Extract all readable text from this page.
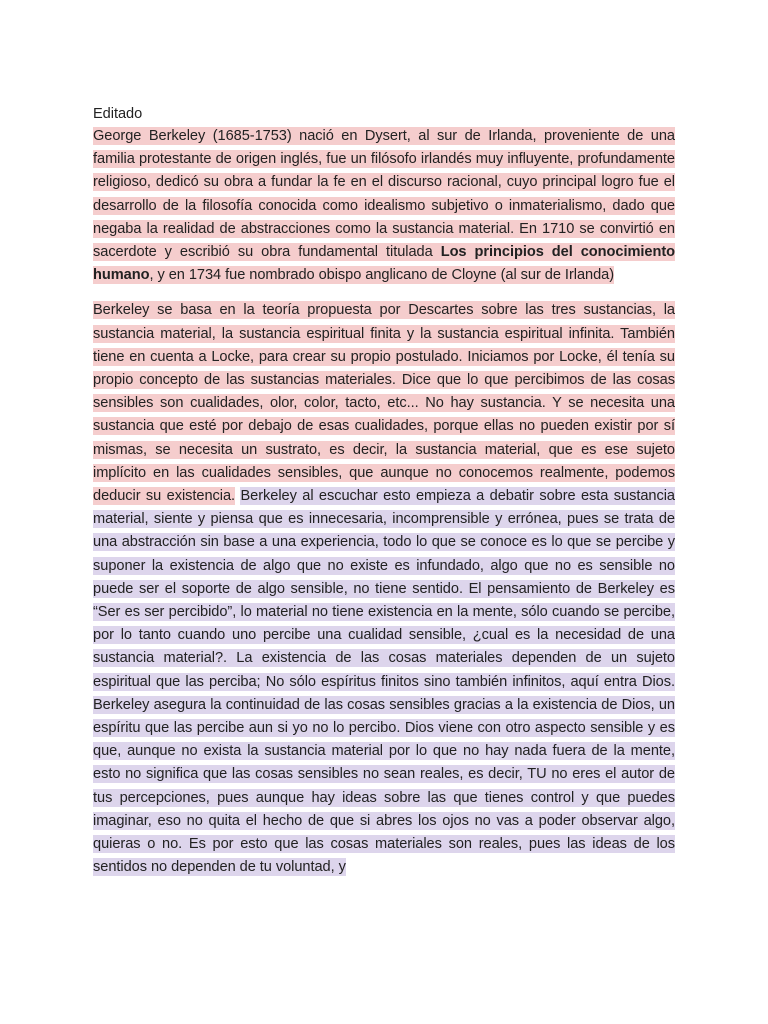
Editado

George Berkeley (1685-1753) nació en Dysert, al sur de Irlanda, proveniente de una familia protestante de origen inglés, fue un filósofo irlandés muy influyente, profundamente religioso, dedicó su obra a fundar la fe en el discurso racional, cuyo principal logro fue el desarrollo de la filosofía conocida como idealismo subjetivo o inmaterialismo, dado que negaba la realidad de abstracciones como la sustancia material. En 1710 se convirtió en sacerdote y escribió su obra fundamental titulada Los principios del conocimiento humano, y en 1734 fue nombrado obispo anglicano de Cloyne (al sur de Irlanda)

Berkeley se basa en la teoría propuesta por Descartes sobre las tres sustancias, la sustancia material, la sustancia espiritual finita y la sustancia espiritual infinita. También tiene en cuenta a Locke, para crear su propio postulado. Iniciamos por Locke, él tenía su propio concepto de las sustancias materiales. Dice que lo que percibimos de las cosas sensibles son cualidades, olor, color, tacto, etc... No hay sustancia. Y se necesita una sustancia que esté por debajo de esas cualidades, porque ellas no pueden existir por sí mismas, se necesita un sustrato, es decir, la sustancia material, que es ese sujeto implícito en las cualidades sensibles, que aunque no conocemos realmente, podemos deducir su existencia. Berkeley al escuchar esto empieza a debatir sobre esta sustancia material, siente y piensa que es innecesaria, incomprensible y errónea, pues se trata de una abstracción sin base a una experiencia, todo lo que se conoce es lo que se percibe y suponer la existencia de algo que no existe es infundado, algo que no es sensible no puede ser el soporte de algo sensible, no tiene sentido. El pensamiento de Berkeley es “Ser es ser percibido”, lo material no tiene existencia en la mente, sólo cuando se percibe, por lo tanto cuando uno percibe una cualidad sensible, ¿cual es la necesidad de una sustancia material?. La existencia de las cosas materiales dependen de un sujeto espiritual que las perciba; No sólo espíritus finitos sino también infinitos, aquí entra Dios. Berkeley asegura la continuidad de las cosas sensibles gracias a la existencia de Dios, un espíritu que las percibe aun si yo no lo percibo. Dios viene con otro aspecto sensible y es que, aunque no exista la sustancia material por lo que no hay nada fuera de la mente, esto no significa que las cosas sensibles no sean reales, es decir, TU no eres el autor de tus percepciones, pues aunque hay ideas sobre las que tienes control y que puedes imaginar, eso no quita el hecho de que si abres los ojos no vas a poder observar algo, quieras o no. Es por esto que las cosas materiales son reales, pues las ideas de los sentidos no dependen de tu voluntad, y
